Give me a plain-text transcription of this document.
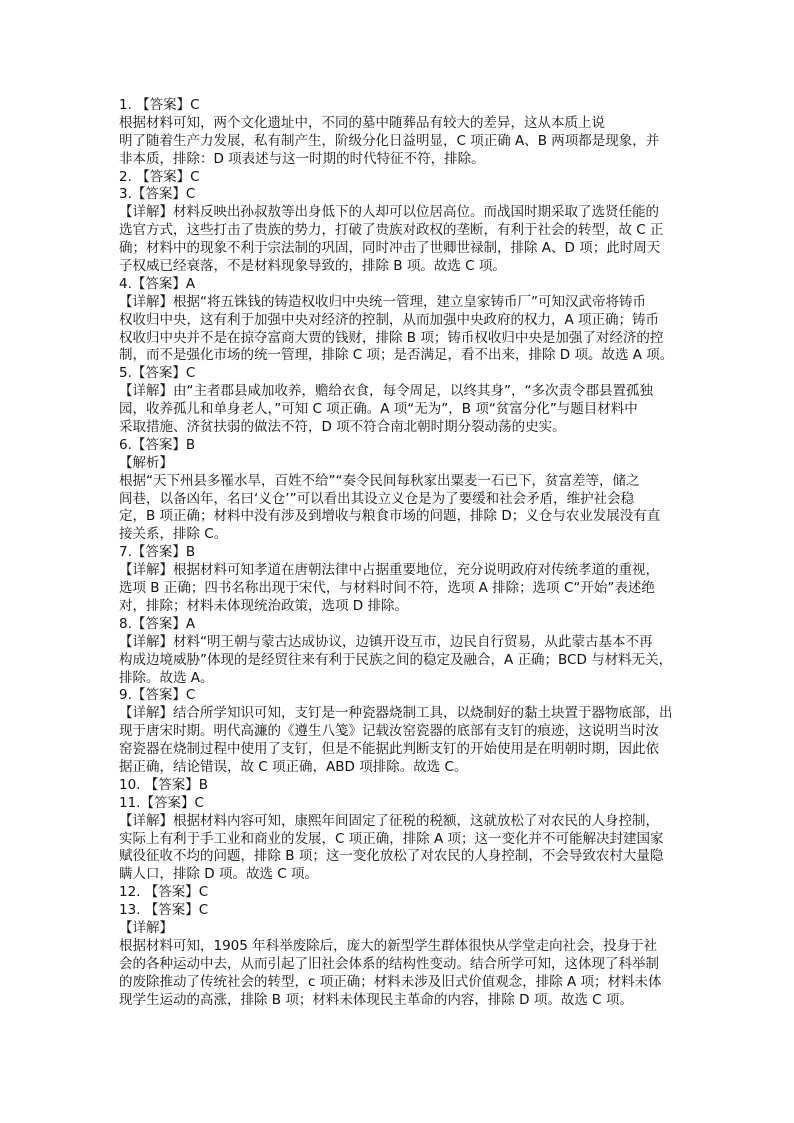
1. 【答案】C
根据材料可知，两个文化遗址中，不同的墓中随葬品有较大的差异，这从本质上说
明了随着生产力发展，私有制产生，阶级分化日益明显，C 项正确 A、B 两项都是现象，并
非本质，排除：D 项表述与这一时期的时代特征不符，排除。
2. 【答案】C
3.【答案】C
【详解】材料反映出孙叔敖等出身低下的人却可以位居高位。而战国时期采取了选贤任能的
选官方式，这些打击了贵族的势力，打破了贵族对政权的垄断，有利于社会的转型，故 C 正
确；材料中的现象不利于宗法制的巩固，同时冲击了世卿世禄制，排除 A、D 项；此时周天
子权威已经衰落，不是材料现象导致的，排除 B 项。故选 C 项。
4.【答案】A
【详解】根据“将五铢钱的铸造权收归中央统一管理，建立皇家铸币厂”可知汉武帝将铸币
权收归中央，这有利于加强中央对经济的控制，从而加强中央政府的权力，A 项正确；铸币
权收归中央并不是在掠夺富商大贾的钱财，排除 B 项；铸币权收归中央是加强了对经济的控
制，而不是强化市场的统一管理，排除 C 项；是否满足，看不出来，排除 D 项。故选 A 项。
5.【答案】C
【详解】由“主者郡县咸加收养，赡给衣食，每令周足，以终其身”，“多次责令郡县置孤独
园，收养孤儿和单身老人，”可知 C 项正确。A 项“无为”，B 项“贫富分化”与题目材料中
采取措施、济贫扶弱的做法不符，D 项不符合南北朝时期分裂动荡的史实。
6.【答案】B
【解析】
根据“天下州县多罹水旱，百姓不给”“奏令民间每秋家出粟麦一石已下，贫富差等，储之
闾巷，以备凶年，名曰‘义仓’”可以看出其设立义仓是为了要缓和社会矛盾，维护社会稳
定，B 项正确；材料中没有涉及到增收与粮食市场的问题，排除 D；义仓与农业发展没有直
接关系，排除 C。
7.【答案】B
【详解】根据材料可知孝道在唐朝法律中占据重要地位，充分说明政府对传统孝道的重视，
选项 B 正确；四书名称出现于宋代，与材料时间不符，选项 A 排除；选项 C“开始”表述绝
对，排除；材料未体现统治政策，选项 D 排除。
8.【答案】A
【详解】材料“明王朝与蒙古达成协议，边镇开设互市，边民自行贸易，从此蒙古基本不再
构成边境威胁”体现的是经贸往来有利于民族之间的稳定及融合，A 正确；BCD 与材料无关，
排除。故选 A。
9.【答案】C
【详解】结合所学知识可知，支钉是一种瓷器烧制工具，以烧制好的黏土块置于器物底部，出
现于唐宋时期。明代高濂的《遵生八笺》记载汝窑瓷器的底部有支钉的痕迹，这说明当时汝
窑瓷器在烧制过程中使用了支钉，但是不能据此判断支钉的开始使用是在明朝时期，因此依
据正确，结论错误，故 C 项正确，ABD 项排除。故选 C。
10. 【答案】B
11.【答案】C
【详解】根据材料内容可知，康熙年间固定了征税的税额，这就放松了对农民的人身控制，
实际上有利于手工业和商业的发展，C 项正确，排除 A 项；这一变化并不可能解决封建国家
赋役征收不均的问题，排除 B 项；这一变化放松了对农民的人身控制，不会导致农村大量隐
瞒人口，排除 D 项。故选 C 项。
12. 【答案】C
13. 【答案】C
【详解】
根据材料可知，1905 年科举废除后，庞大的新型学生群体很快从学堂走向社会，投身于社
会的各种运动中去，从而引起了旧社会体系的结构性变动。结合所学可知，这体现了科举制
的废除推动了传统社会的转型，c 项正确；材料未涉及旧式价值观念，排除 A 项；材料未体
现学生运动的高涨，排除 B 项；材料未体现民主革命的内容，排除 D 项。故选 C 项。
